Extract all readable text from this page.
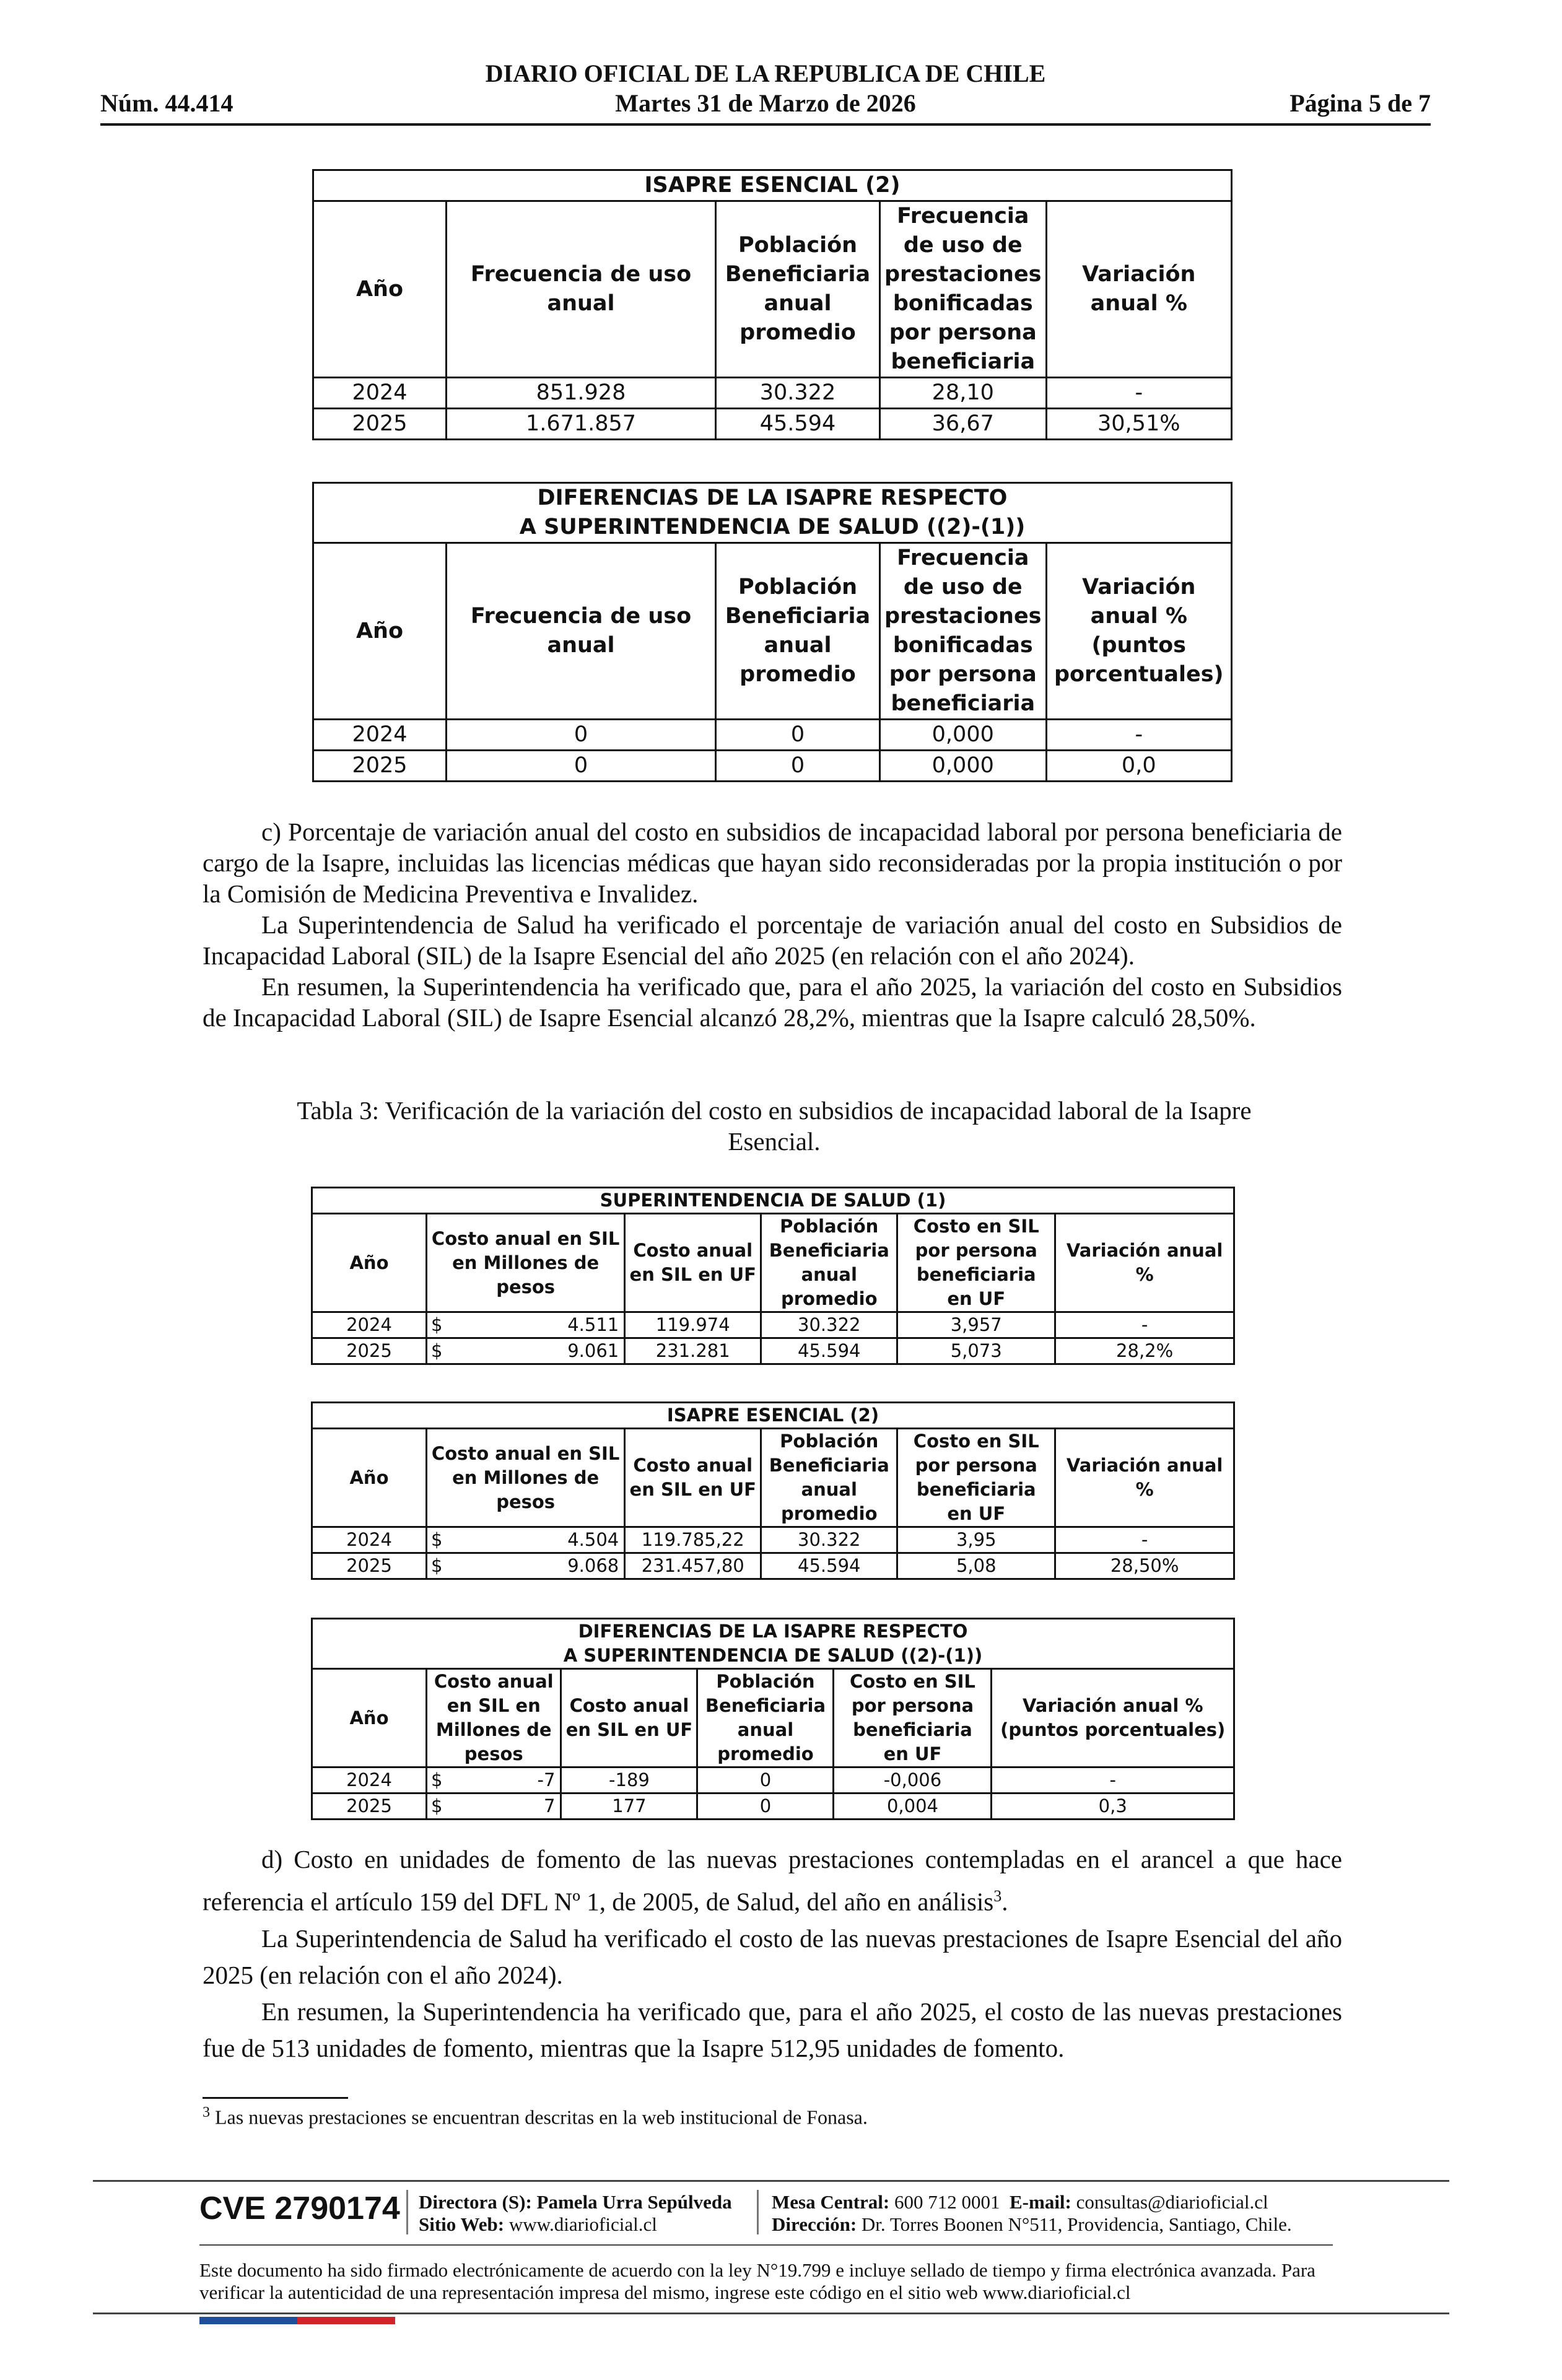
Núm. 44.414
DIARIO OFICIAL DE LA REPUBLICA DE CHILE
Martes 31 de Marzo de 2026	Página 5 de 7
ISAPRE ESENCIAL (2)				
Año	Frecuencia de uso anual	Población Beneficiaria anual promedio	Frecuencia de uso de prestaciones bonificadas por persona beneficiaria	Variación anual %
2024	851.928	30.322	28,10	-
2025	1.671.857	45.594	36,67	30,51%
DIFERENCIAS DE LA ISAPRE RESPECTO
A SUPERINTENDENCIA DE SALUD ((2)-(1))				

Año	Frecuencia de uso anual	Población Beneficiaria anual promedio	Frecuencia de uso de prestaciones bonificadas por persona beneficiaria	Variación anual % (puntos porcentuales)
2024	0	0	0,000	-
2025	0	0	0,000	0,0

c) Porcentaje de variación anual del costo en subsidios de incapacidad laboral por persona beneficiaria de cargo de la Isapre, incluidas las licencias médicas que hayan sido reconsideradas por la propia institución o por la Comisión de Medicina Preventiva e Invalidez.

La Superintendencia de Salud ha verificado el porcentaje de variación anual del costo en Subsidios de Incapacidad Laboral (SIL) de la Isapre Esencial del año 2025 (en relación con el año 2024).

En resumen, la Superintendencia ha verificado que, para el año 2025, la variación del costo en Subsidios de Incapacidad Laboral (SIL) de Isapre Esencial alcanzó 28,2%, mientras que la Isapre calculó 28,50%.

Tabla 3: Verificación de la variación del costo en subsidios de incapacidad laboral de la Isapre Esencial.
SUPERINTENDENCIA DE SALUD (1)					
Año	Costo anual en SIL en Millones de pesos	Costo anual en SIL en UF	Población Beneficiaria anual promedio	Costo en SIL por persona beneficiaria en UF	Variación anual %
2024	$ 4.511	119.974	30.322	3,957	-
2025	$ 9.061	231.281	45.594	5,073	28,2%
ISAPRE ESENCIAL (2)					
Año	Costo anual en SIL en Millones de pesos	Costo anual en SIL en UF	Población Beneficiaria anual promedio	Costo en SIL por persona beneficiaria en UF	Variación anual %
2024	$ 4.504	119.785,22	30.322	3,95	-
2025	$ 9.068	231.457,80	45.594	5,08	28,50%
DIFERENCIAS DE LA ISAPRE RESPECTO
A SUPERINTENDENCIA DE SALUD ((2)-(1))					

Año	Costo anual en SIL en Millones de pesos	Costo anual en SIL en UF	Población Beneficiaria anual promedio	Costo en SIL por persona beneficiaria en UF	Variación anual % (puntos porcentuales)
2024	$ -7	-189	0	-0,006	-
2025	$ 7	177	0	0,004	0,3

d) Costo en unidades de fomento de las nuevas prestaciones contempladas en el arancel a que hace referencia el artículo 159 del DFL Nº 1, de 2005, de Salud, del año en análisis$^3$.

La Superintendencia de Salud ha verificado el costo de las nuevas prestaciones de Isapre Esencial del año 2025 (en relación con el año 2024).

En resumen, la Superintendencia ha verificado que, para el año 2025, el costo de las nuevas prestaciones fue de 513 unidades de fomento, mientras que la Isapre 512,95 unidades de fomento.

$^3$ Las nuevas prestaciones se encuentran descritas en la web institucional de Fonasa.
CVE 2790174 Directora (S): Pamela Urra Sepúlveda
Sitio Web: www.diarioficial.cl
Mesa Central: 600 712 0001 E-mail: consultas@diarioficial.cl
Dirección: Dr. Torres Boonen N°511, Providencia, Santiago, Chile.
Este documento ha sido firmado electrónicamente de acuerdo con la ley N°19.799 e incluye sellado de tiempo y firma electrónica avanzada. Para verificar la autenticidad de una representación impresa del mismo, ingrese este código en el sitio web www.diarioficial.cl
